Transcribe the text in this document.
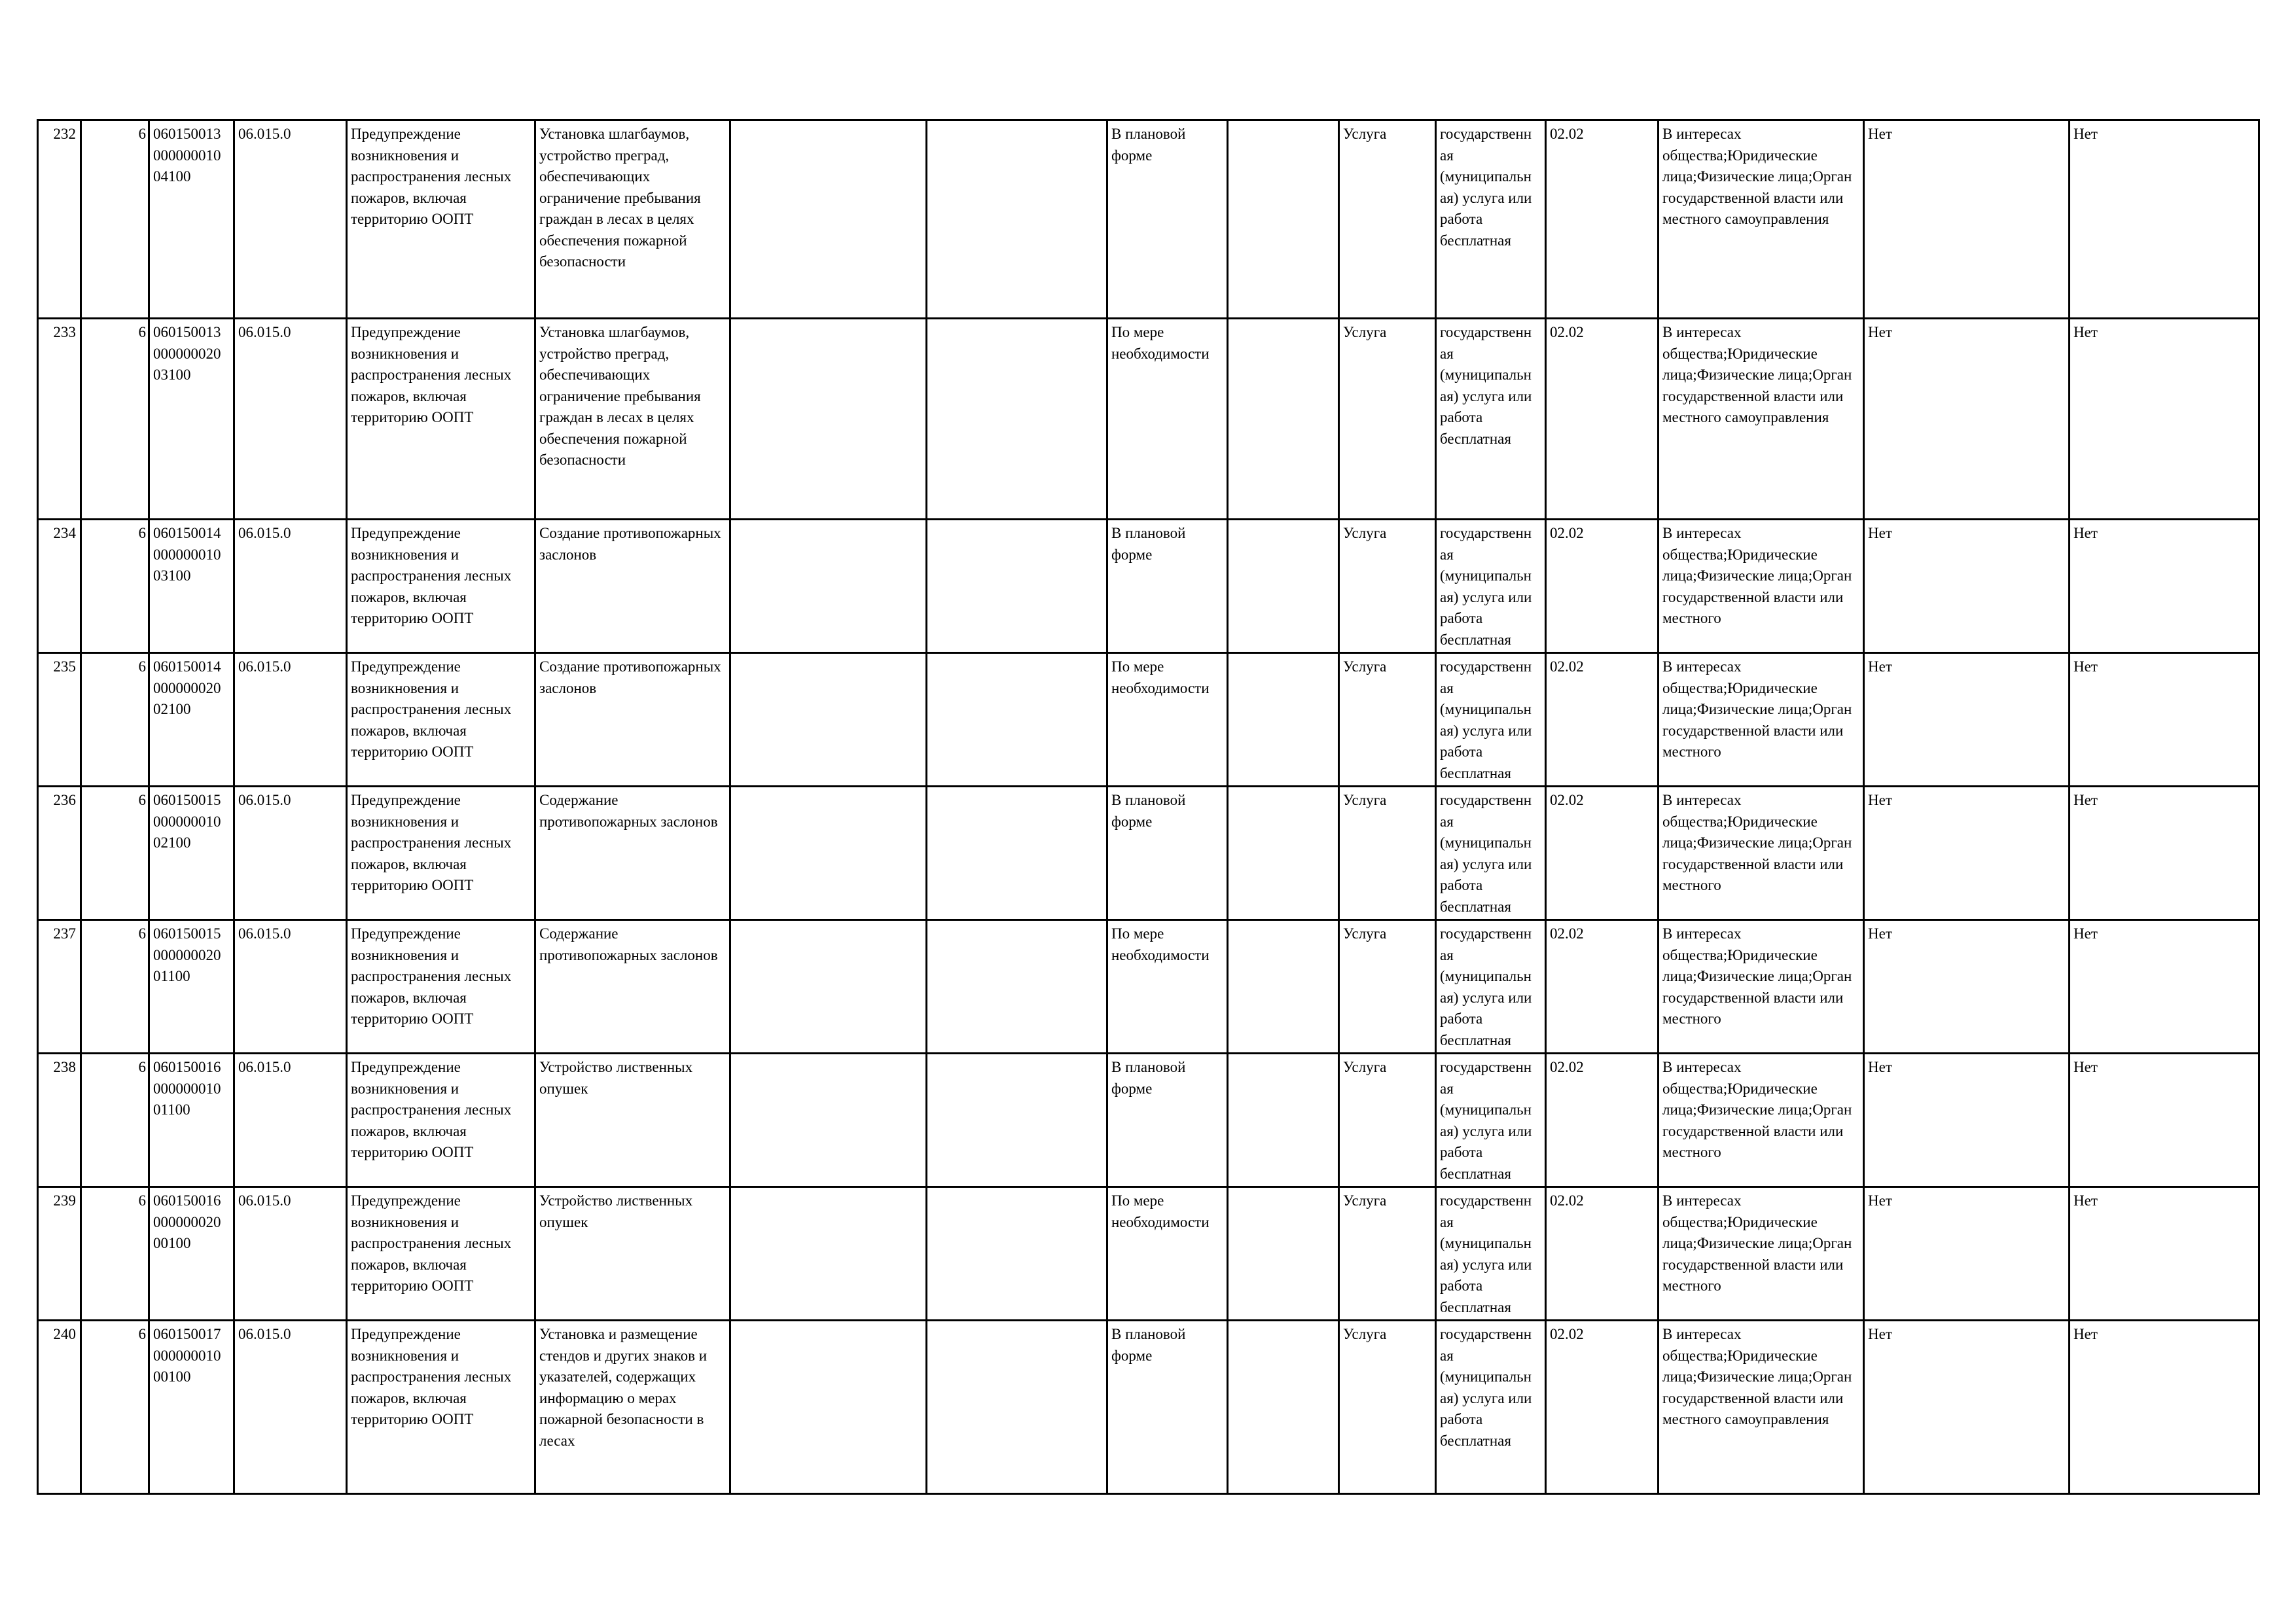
232	6	060150013
000000010
04100	06.015.0	Предупреждение возникновения и распространения лесных пожаров, включая территорию ООПТ	Установка шлагбаумов, устройство преград, обеспечивающих ограничение пребывания граждан в лесах в целях обеспечения пожарной безопасности			В плановой форме		Услуга	государственн ая (муниципальн ая) услуга или работа бесплатная	02.02	В интересах общества;Юридические лица;Физические лица;Орган государственной власти или местного самоуправления	Нет	Нет
233	6	060150013
000000020
03100	06.015.0	Предупреждение возникновения и распространения лесных пожаров, включая территорию ООПТ	Установка шлагбаумов, устройство преград, обеспечивающих ограничение пребывания граждан в лесах в целях обеспечения пожарной безопасности			По мере необходимости		Услуга	государственн ая (муниципальн ая) услуга или работа бесплатная	02.02	В интересах общества;Юридические лица;Физические лица;Орган государственной власти или местного самоуправления	Нет	Нет
234	6	060150014
000000010
03100	06.015.0	Предупреждение возникновения и распространения лесных пожаров, включая территорию ООПТ	Создание противопожарных заслонов			В плановой форме		Услуга	государственн ая (муниципальн ая) услуга или работа бесплатная	02.02	В интересах общества;Юридические лица;Физические лица;Орган государственной власти или местного	Нет	Нет
235	6	060150014
000000020
02100	06.015.0	Предупреждение возникновения и распространения лесных пожаров, включая территорию ООПТ	Создание противопожарных заслонов			По мере необходимости		Услуга	государственн ая (муниципальн ая) услуга или работа бесплатная	02.02	В интересах общества;Юридические лица;Физические лица;Орган государственной власти или местного	Нет	Нет
236	6	060150015
000000010
02100	06.015.0	Предупреждение возникновения и распространения лесных пожаров, включая территорию ООПТ	Содержание противопожарных заслонов			В плановой форме		Услуга	государственн ая (муниципальн ая) услуга или работа бесплатная	02.02	В интересах общества;Юридические лица;Физические лица;Орган государственной власти или местного	Нет	Нет
237	6	060150015
000000020
01100	06.015.0	Предупреждение возникновения и распространения лесных пожаров, включая территорию ООПТ	Содержание противопожарных заслонов			По мере необходимости		Услуга	государственн ая (муниципальн ая) услуга или работа бесплатная	02.02	В интересах общества;Юридические лица;Физические лица;Орган государственной власти или местного	Нет	Нет
238	6	060150016
000000010
01100	06.015.0	Предупреждение возникновения и распространения лесных пожаров, включая территорию ООПТ	Устройство лиственных опушек			В плановой форме		Услуга	государственн ая (муниципальн ая) услуга или работа бесплатная	02.02	В интересах общества;Юридические лица;Физические лица;Орган государственной власти или местного	Нет	Нет
239	6	060150016
000000020
00100	06.015.0	Предупреждение возникновения и распространения лесных пожаров, включая территорию ООПТ	Устройство лиственных опушек			По мере необходимости		Услуга	государственн ая (муниципальн ая) услуга или работа бесплатная	02.02	В интересах общества;Юридические лица;Физические лица;Орган государственной власти или местного	Нет	Нет
240	6	060150017
000000010
00100	06.015.0	Предупреждение возникновения и распространения лесных пожаров, включая территорию ООПТ	Установка и размещение стендов и других знаков и указателей, содержащих информацию о мерах пожарной безопасности в лесах			В плановой форме		Услуга	государственн ая (муниципальн ая) услуга или работа бесплатная	02.02	В интересах общества;Юридические лица;Физические лица;Орган государственной власти или местного самоуправления	Нет	Нет
